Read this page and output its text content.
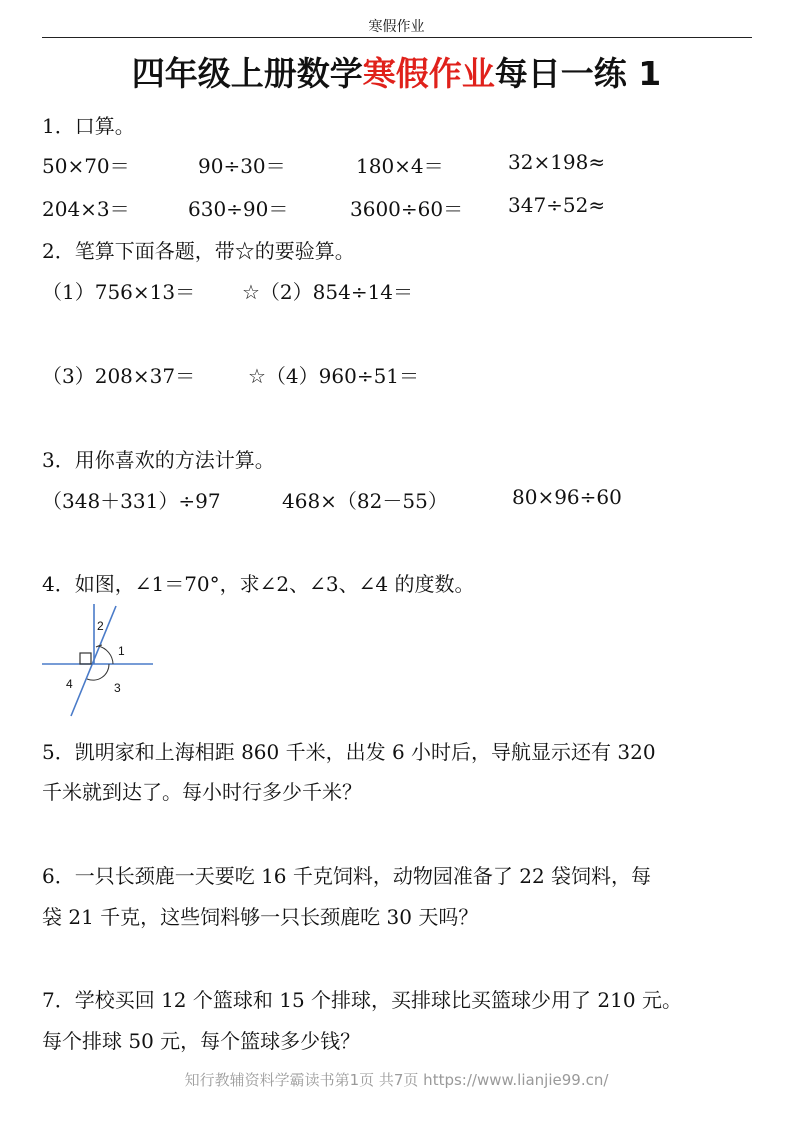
寒假作业
四年级上册数学寒假作业每日一练 1
1．口算。
50×70＝	90÷30＝	180×4＝	32×198≈
204×3＝	630÷90＝	3600÷60＝ 347÷52≈
2．笔算下面各题，带☆的要验算。
（1）756×13＝ ☆（2）854÷14＝
（3）208×37＝	☆（4）960÷51＝
3．用你喜欢的方法计算。
（348＋331）÷97	468×（82－55）	80×96÷60
4．如图，∠1＝70°，求∠2、∠3、∠4 的度数。
2
1
4	3
5．凯明家和上海相距 860 千米，出发 6 小时后，导航显示还有 320
千米就到达了。每小时行多少千米？
6．一只长颈鹿一天要吃 16 千克饲料，动物园准备了 22 袋饲料，每
袋 21 千克，这些饲料够一只长颈鹿吃 30 天吗？
7．学校买回 12 个篮球和 15 个排球，买排球比买篮球少用了 210 元。
每个排球 50 元，每个篮球多少钱？
知行教辅资料学霸读书第1页 共7页 https://www.lianjie99.cn/
